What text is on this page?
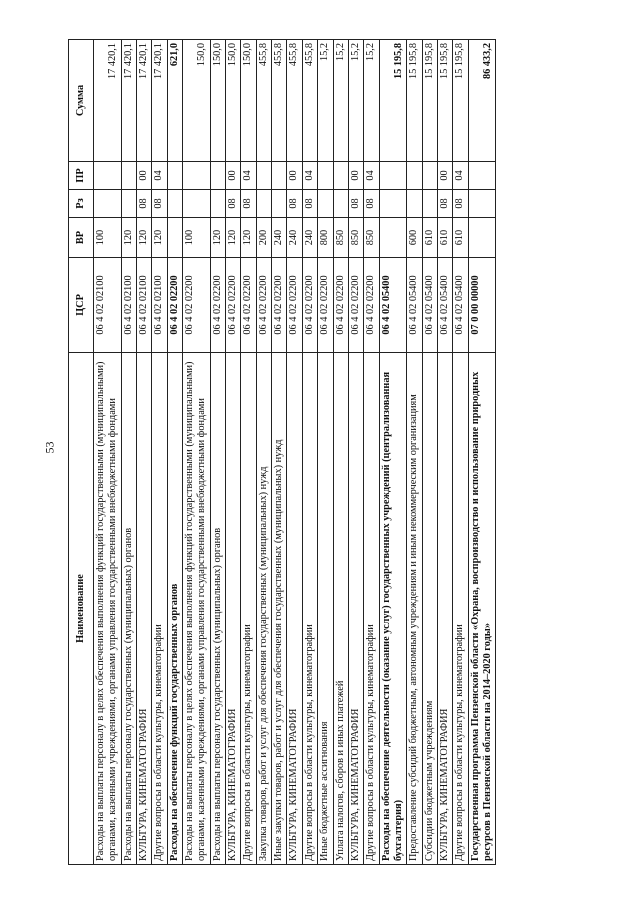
53
Наименование	ЦСР	ВР	Рз	ПР	Сумма
Расходы на выплаты персоналу в целях обеспечения выполнения функций государственными (муниципальными) органами, казенными учреждениями, органами управления государственными внебюджетными фондами	06 4 02 02100	100			17 420,1
Расходы на выплаты персоналу государственных (муниципальных) органов	06 4 02 02100	120			17 420,1
КУЛЬТУРА, КИНЕМАТОГРАФИЯ	06 4 02 02100	120	08	00	17 420,1
Другие вопросы в области культуры, кинематографии	06 4 02 02100	120	08	04	17 420,1
Расходы на обеспечение функций государственных органов	06 4 02 02200				621,0
Расходы на выплаты персоналу в целях обеспечения выполнения функций государственными (муниципальными) органами, казенными учреждениями, органами управления государственными внебюджетными фондами	06 4 02 02200	100			150,0
Расходы на выплаты персоналу государственных (муниципальных) органов	06 4 02 02200	120			150,0
КУЛЬТУРА, КИНЕМАТОГРАФИЯ	06 4 02 02200	120	08	00	150,0
Другие вопросы в области культуры, кинематографии	06 4 02 02200	120	08	04	150,0
Закупка товаров, работ и услуг для обеспечения государственных (муниципальных) нужд	06 4 02 02200	200			455,8
Иные закупки товаров, работ и услуг для обеспечения государственных (муниципальных) нужд	06 4 02 02200	240			455,8
КУЛЬТУРА, КИНЕМАТОГРАФИЯ	06 4 02 02200	240	08	00	455,8
Другие вопросы в области культуры, кинематографии	06 4 02 02200	240	08	04	455,8
Иные бюджетные ассигнования	06 4 02 02200	800			15,2
Уплата налогов, сборов и иных платежей	06 4 02 02200	850			15,2
КУЛЬТУРА, КИНЕМАТОГРАФИЯ	06 4 02 02200	850	08	00	15,2
Другие вопросы в области культуры, кинематографии	06 4 02 02200	850	08	04	15,2
Расходы на обеспечение деятельности (оказание услуг) государственных учреждений (централизованная бухгалтерия)	06 4 02 05400				15 195,8
Предоставление субсидий бюджетным, автономным учреждениям и иным некоммерческим организациям	06 4 02 05400	600			15 195,8
Субсидии бюджетным учреждениям	06 4 02 05400	610			15 195,8
КУЛЬТУРА, КИНЕМАТОГРАФИЯ	06 4 02 05400	610	08	00	15 195,8
Другие вопросы в области культуры, кинематографии	06 4 02 05400	610	08	04	15 195,8
Государственная программа Пензенской области «Охрана, воспроизводство и использование природных ресурсов в Пензенской области на 2014–2020 годы»	07 0 00 00000				86 433,2
